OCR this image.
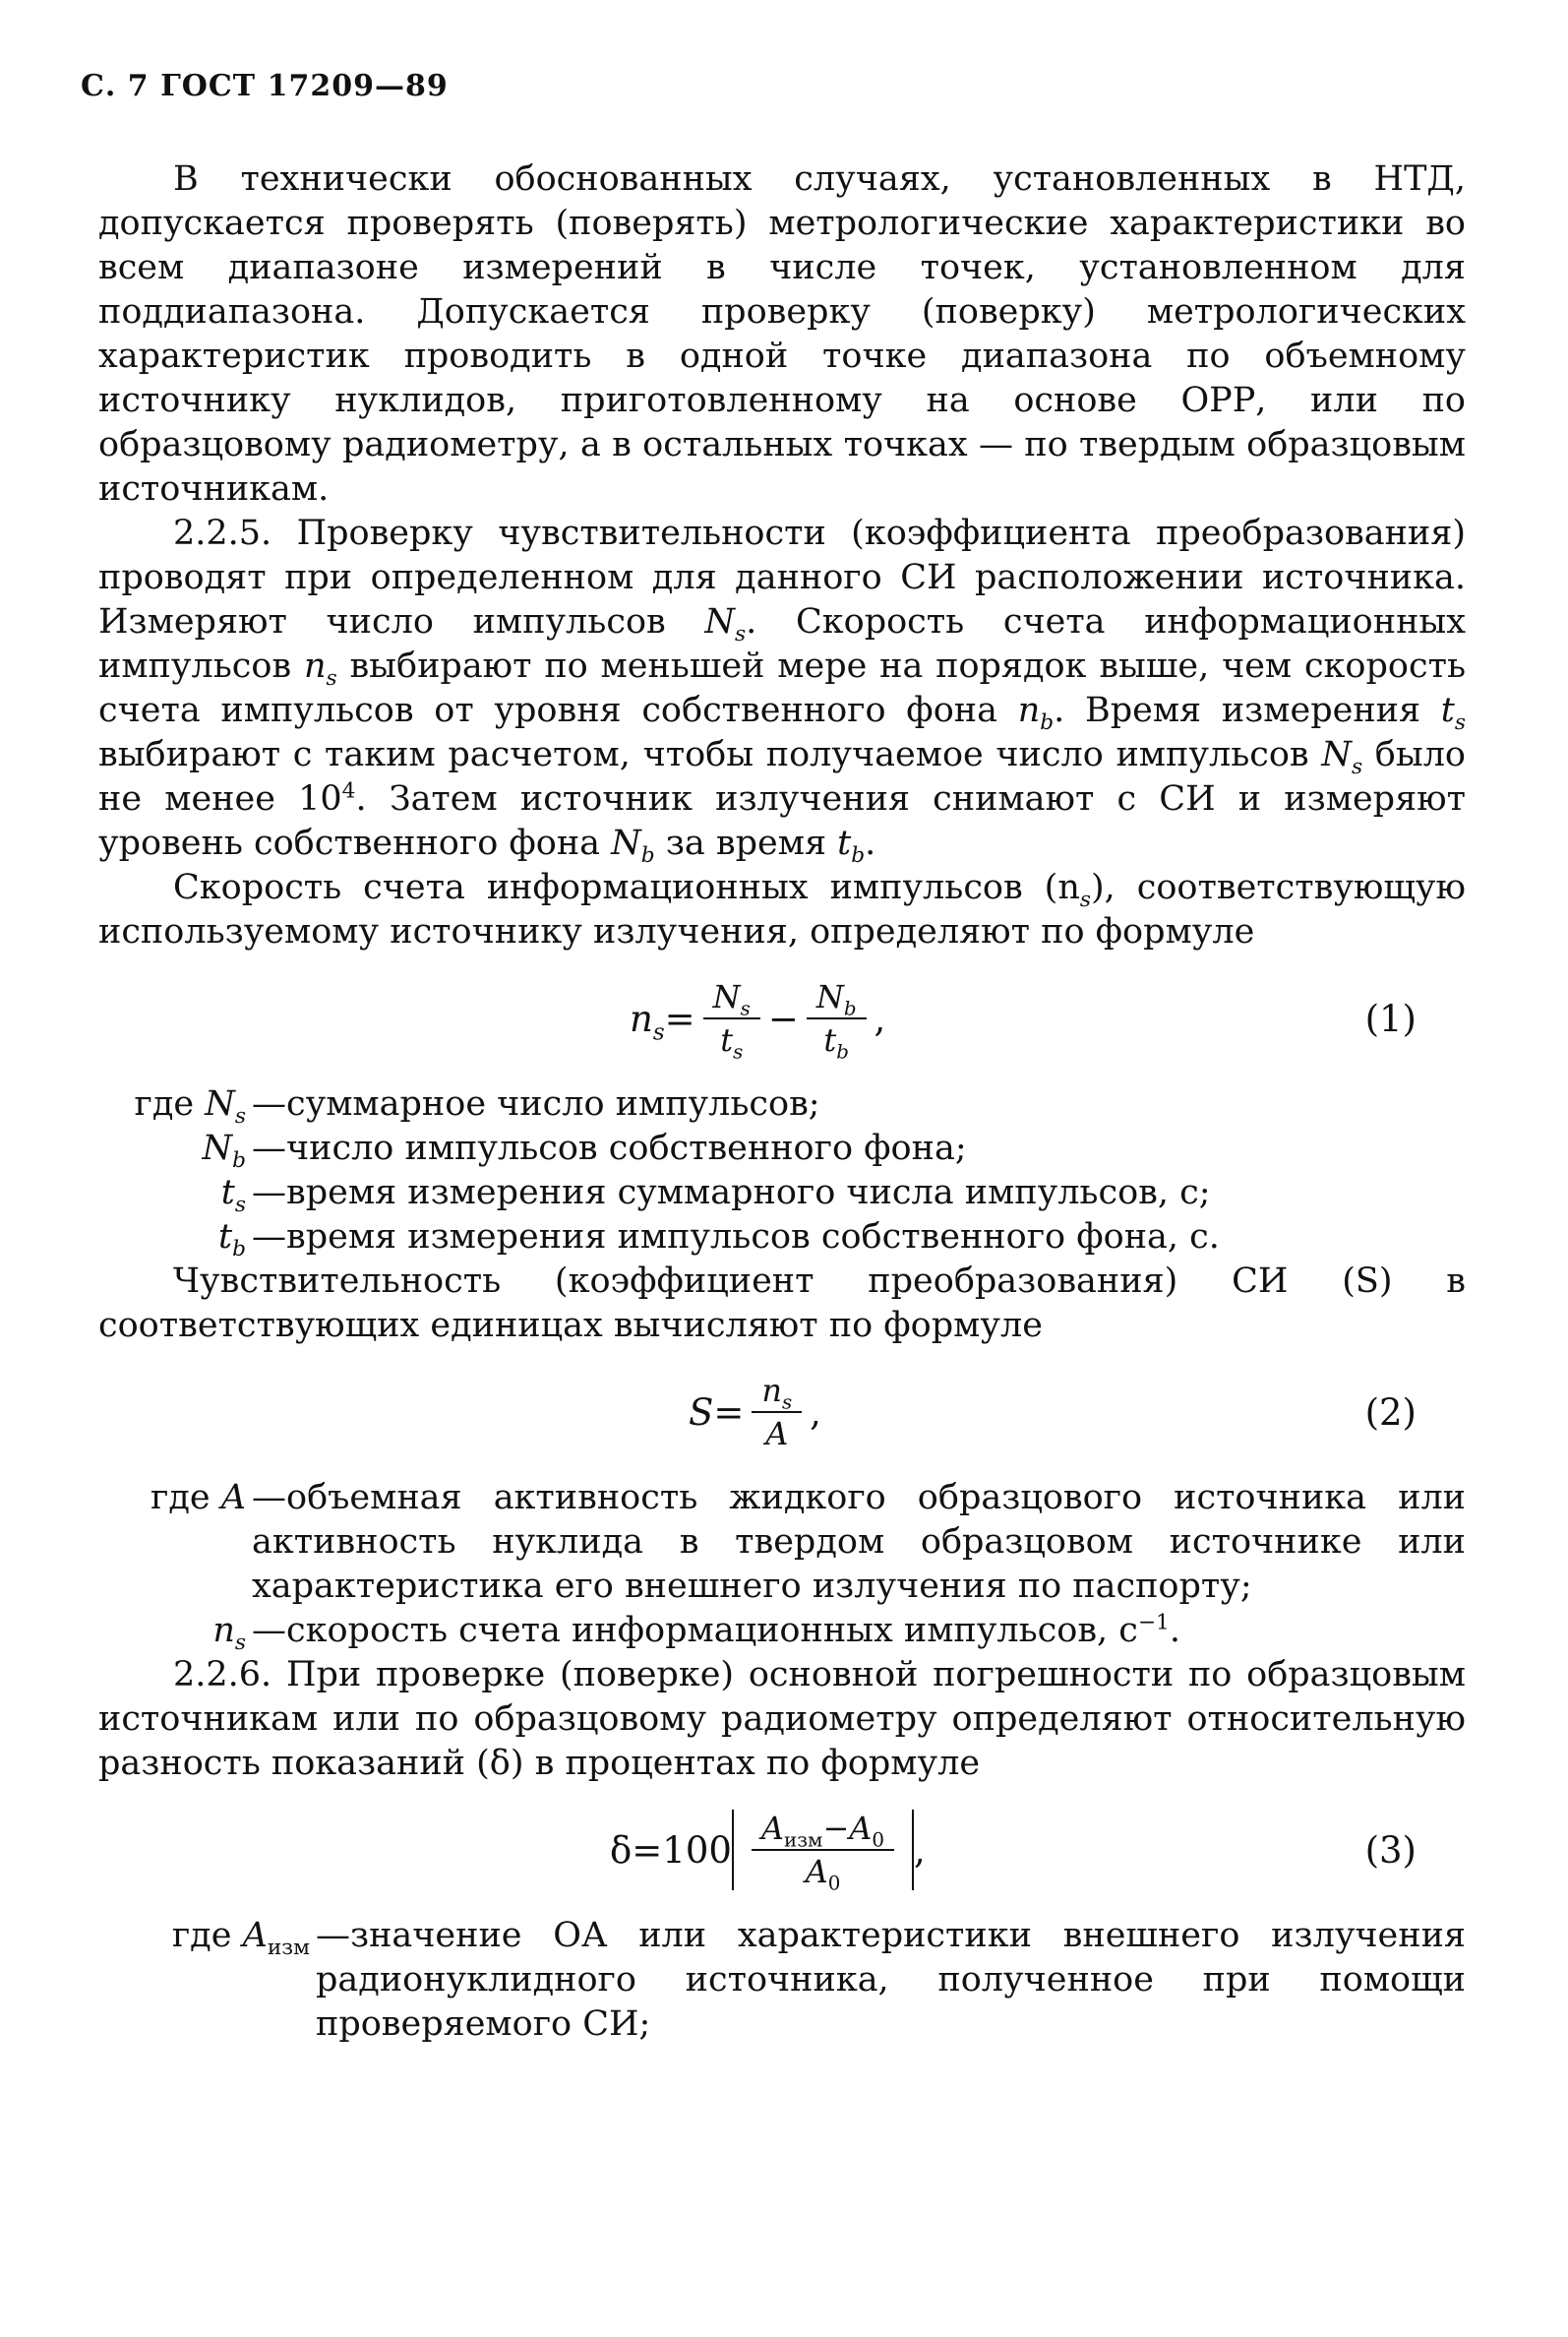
С. 7 ГОСТ 17209—89

В технически обоснованных случаях, установленных в НТД, допускается проверять (поверять) метрологические характеристики во всем диапазоне измерений в числе точек, установленном для поддиапазона. Допускается проверку (поверку) метрологических характеристик проводить в одной точке диапазона по объемному источнику нуклидов, приготовленному на основе ОРР, или по образцовому радиометру, а в остальных точках — по твердым образцовым источникам.

2.2.5. Проверку чувствительности (коэффициента преобразования) проводят при определенном для данного СИ расположении источника. Измеряют число импульсов $N_s$. Скорость счета информационных импульсов $n_s$ выбирают по меньшей мере на порядок выше, чем скорость счета импульсов от уровня собственного фона $n_b$. Время измерения $t_s$ выбирают с таким расчетом, чтобы получаемое число импульсов $N_s$ было не менее $10^4$. Затем источник излучения снимают с СИ и измеряют уровень собственного фона $N_b$ за время $t_b$.

Скорость счета информационных импульсов $(n_s)$, соответствующую используемому источнику излучения, определяют по формуле

n $_s = \frac{N_s}{t_s} - \frac{N_b}{t_b}$ ,	(1)
где $N_s$ —суммарное число импульсов;
$N_b$ —число импульсов собственного фона;
$t_s$ —время измерения суммарного числа импульсов, с;
$t_b$ —время измерения импульсов собственного фона, с.

Чувствительность (коэффициент преобразования) СИ (S) в соответствующих единицах вычисляют по формуле

$S = \frac{n_s}{A}$ ,	(2)
где A —объемная активность жидкого образцового источника или активность нуклида в твердом образцовом источнике или характеристика его внешнего излучения по паспорту;
$n_s$ —скорость счета информационных импульсов, $с^{-1}$.

2.2.6. При проверке (поверке) основной погрешности по образцовым источникам или по образцовому радиометру определяют относительную разность показаний (δ) в процентах по формуле

$\delta = 100 \frac{A_{изм}-A_0}{A_0}$ ,	(3)
где $A_{изм}$ —значение ОА или характеристики внешнего излучения радионуклидного источника, полученное при помощи проверяемого СИ;
